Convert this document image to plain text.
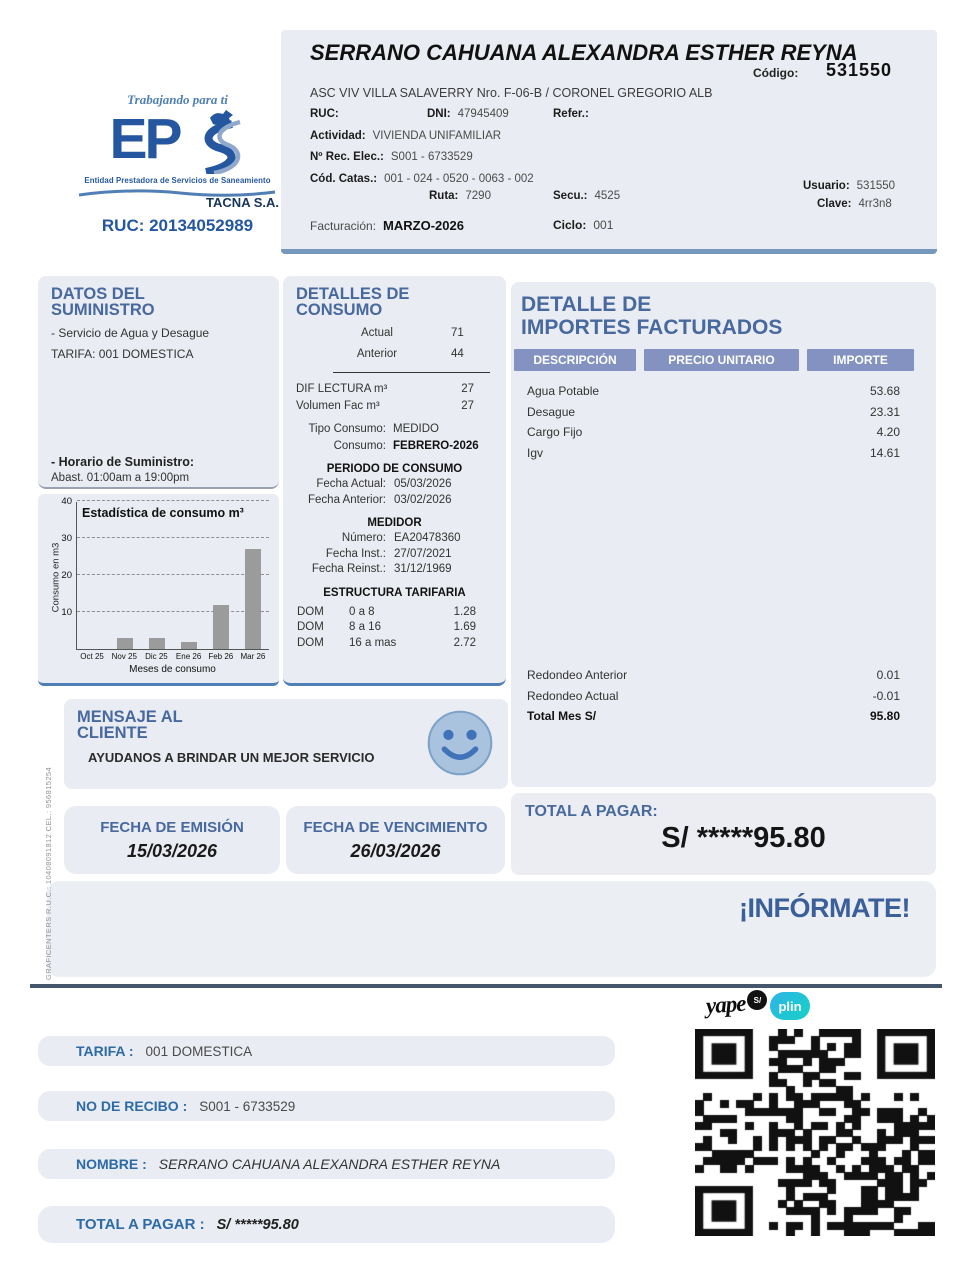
Trabajando para ti
EP
Entidad Prestadora de Servicios de Saneamiento
TACNA S.A.
RUC: 20134052989
SERRANO CAHUANA ALEXANDRA ESTHER REYNA
Código: 531550
ASC VIV VILLA SALAVERRY Nro. F-06-B / CORONEL GREGORIO ALB
RUC:	DNI: 47945409	Refer.:
Actividad: VIVIENDA UNIFAMILIAR
Nº Rec. Elec.: S001 - 6733529
Cód. Catas.: 001 - 024 - 0520 - 0063 - 002
Ruta: 7290	Secu.: 4525
Usuario: 531550
Clave: 4rr3n8
Facturación: MARZO-2026	Ciclo: 001
DATOS DEL
SUMINISTRO
- Servicio de Agua y Desague
TARIFA: 001 DOMESTICA
- Horario de Suministro:
Abast. 01:00am a 19:00pm
Consumo en m3
10
20
30
40
Estadística de consumo m³
Oct 25 Nov 25	Dic 25	Ene 26 Feb 26 Mar 26
Meses de consumo
DETALLES DE
CONSUMO
Actual	71
Anterior	44
DIF LECTURA m³	27
Volumen Fac m³	27
Tipo Consumo: MEDIDO
Consumo: FEBRERO-2026
PERIODO DE CONSUMO
Fecha Actual: 05/03/2026
Fecha Anterior: 03/02/2026
MEDIDOR
Número: EA20478360
Fecha Inst.: 27/07/2021
Fecha Reinst.: 31/12/1969
ESTRUCTURA TARIFARIA
DOM	0 a 8	1.28
DOM	8 a 16	1.69
DOM	16 a mas	2.72
DETALLE DE
IMPORTES FACTURADOS
DESCRIPCIÓN	PRECIO UNITARIO	IMPORTE
Agua Potable	53.68
Desague	23.31
Cargo Fijo	4.20
Igv	14.61
Redondeo Anterior	0.01
Redondeo Actual	-0.01
Total Mes S/	95.80
MENSAJE AL
CLIENTE
AYUDANOS A BRINDAR UN MEJOR SERVICIO
FECHA DE EMISIÓN
15/03/2026
FECHA DE VENCIMIENTO
26/03/2026
TOTAL A PAGAR:
S/ *****95.80
¡INFÓRMATE!
GRAFICENTERS R.U.C.: 10408091812 CEL.: 956815254
yape S/	plin
TARIFA : 001 DOMESTICA
NO DE RECIBO : S001 - 6733529
NOMBRE : SERRANO CAHUANA ALEXANDRA ESTHER REYNA
TOTAL A PAGAR : S/ *****95.80
